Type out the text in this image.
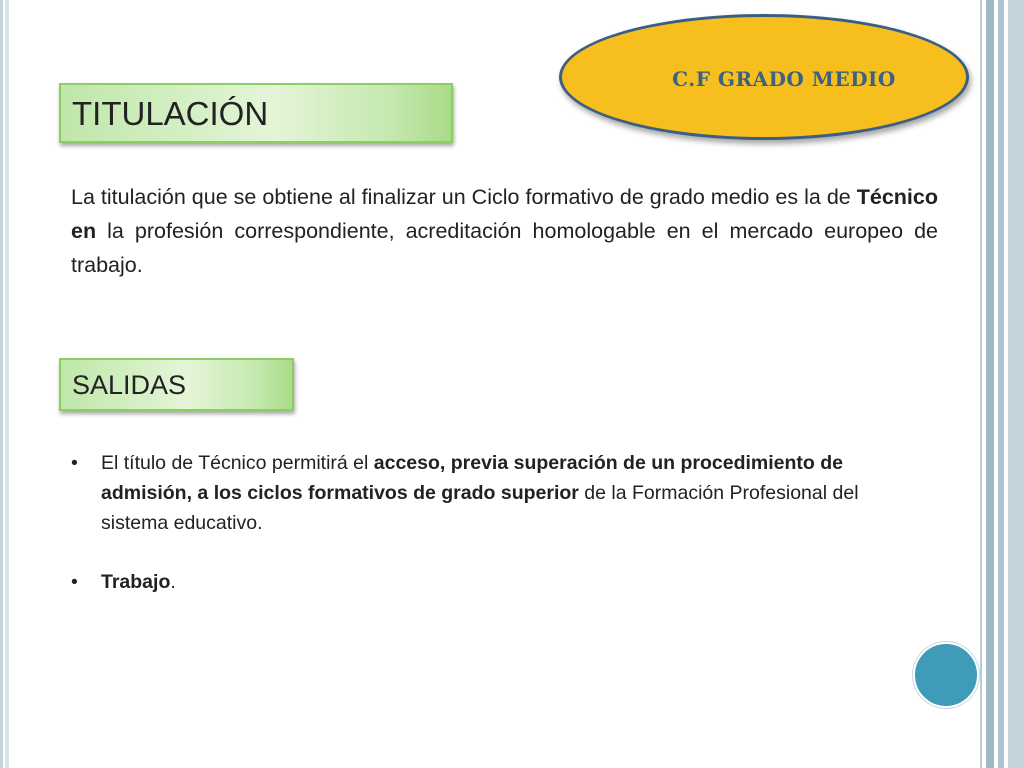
C.F GRADO MEDIO
TITULACIÓN

La titulación que se obtiene al finalizar un Ciclo formativo de grado medio es la de Técnico en la profesión correspondiente, acreditación homologable en el mercado europeo de trabajo.

SALIDAS
• El título de Técnico permitirá el acceso, previa superación de un procedimiento de admisión, a los ciclos formativos de grado superior de la Formación Profesional del sistema educativo.
• Trabajo.
